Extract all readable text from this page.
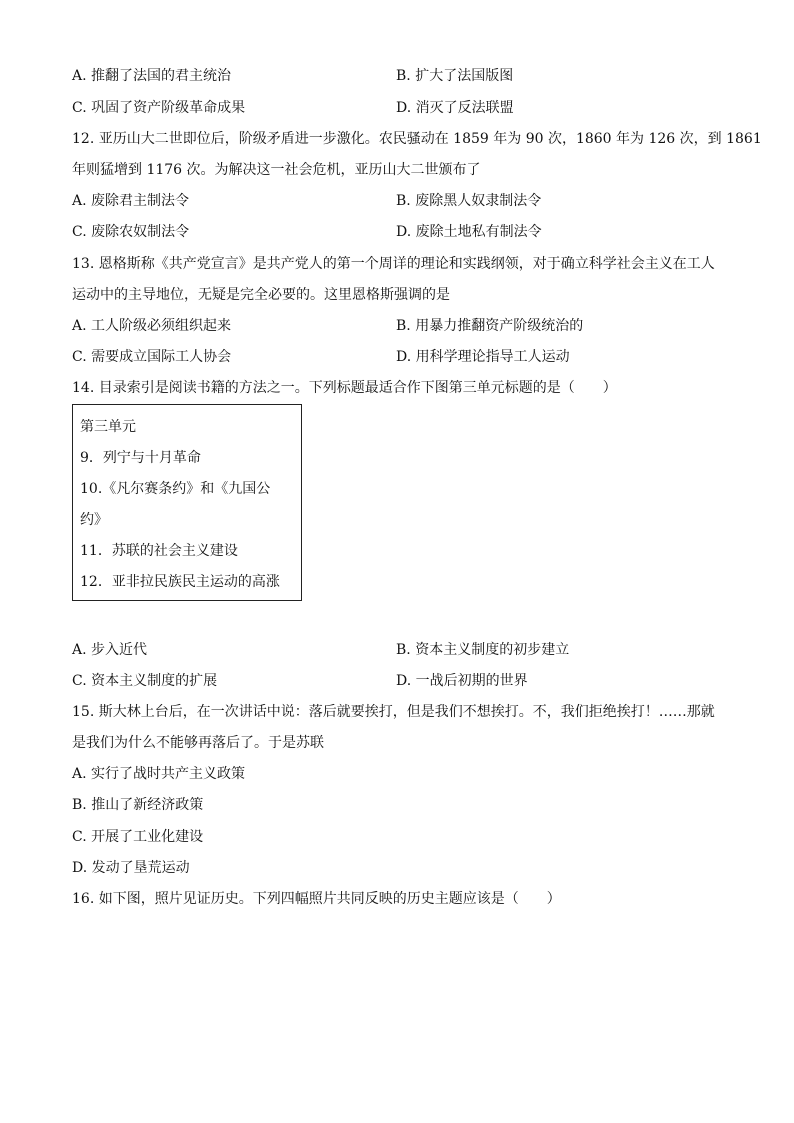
A. 推翻了法国的君主统治	B. 扩大了法国版图
C. 巩固了资产阶级革命成果	D. 消灭了反法联盟
12. 亚历山大二世即位后，阶级矛盾进一步激化。农民骚动在 1859 年为 90 次，1860 年为 126 次，到 1861
年则猛增到 1176 次。为解决这一社会危机，亚历山大二世颁布了
A. 废除君主制法令	B. 废除黑人奴隶制法令
C. 废除农奴制法令	D. 废除土地私有制法令
13. 恩格斯称《共产党宣言》是共产党人的第一个周详的理论和实践纲领，对于确立科学社会主义在工人
运动中的主导地位，无疑是完全必要的。这里恩格斯强调的是
A. 工人阶级必须组织起来	B. 用暴力推翻资产阶级统治的
C. 需要成立国际工人协会	D. 用科学理论指导工人运动
14. 目录索引是阅读书籍的方法之一。下列标题最适合作下图第三单元标题的是（　　）
第三单元
9．列宁与十月革命
10.《凡尔赛条约》和《九国公
约》
11．苏联的社会主义建设
12．亚非拉民族民主运动的高涨
A. 步入近代	B. 资本主义制度的初步建立
C. 资本主义制度的扩展	D. 一战后初期的世界
15. 斯大林上台后，在一次讲话中说：落后就要挨打，但是我们不想挨打。不，我们拒绝挨打！……那就
是我们为什么不能够再落后了。于是苏联
A. 实行了战时共产主义政策
B. 推山了新经济政策
C. 开展了工业化建设
D. 发动了垦荒运动
16. 如下图，照片见证历史。下列四幅照片共同反映的历史主题应该是（　　）
